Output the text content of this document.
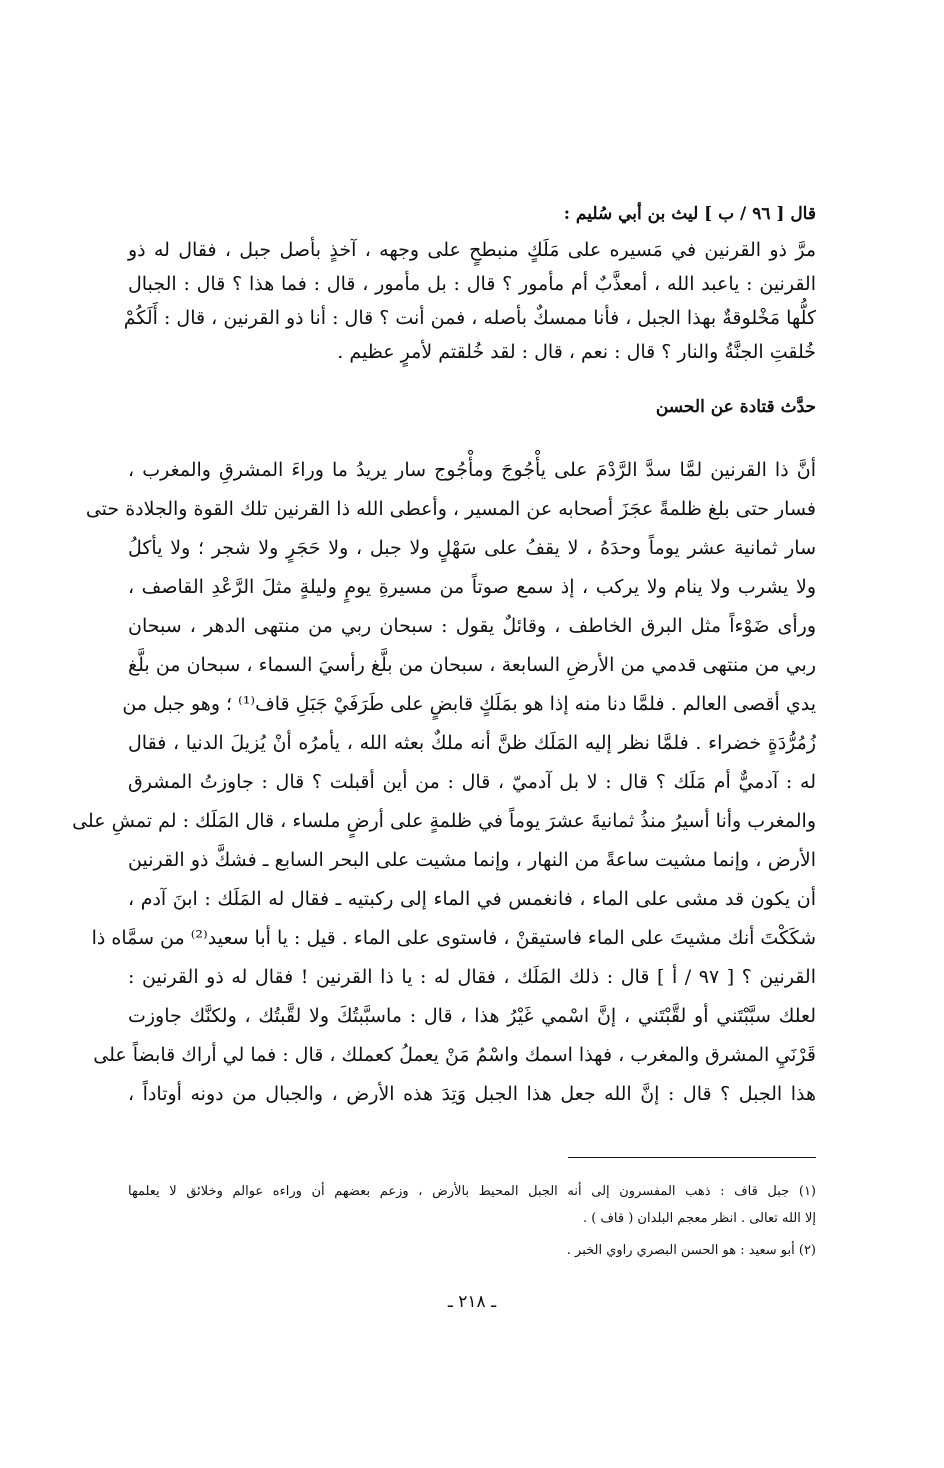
قال [ ٩٦ / ب ] ليث بن أبي سُليم :
مرَّ ذو القرنين في مَسيره على مَلَكٍ منبطحٍ على وجهه ، آخذٍ بأصل جبل ، فقال له ذو
القرنين : ياعبد الله ، أمعذَّبٌ أم مأمور ؟ قال : بل مأمور ، قال : فما هذا ؟ قال : الجبال
كلُّها مَخْلوقةٌ بهذا الجبل ، فأنا ممسكٌ بأصله ، فمن أنت ؟ قال : أنا ذو القرنين ، قال : أَلَكُمْ
خُلقتِ الجنَّةُ والنار ؟ قال : نعم ، قال : لقد خُلقتم لأمرٍ عظيم .
حدَّث قتادة عن الحسن
أنَّ ذا القرنين لمَّا سدَّ الرَّدْمَ على يأْجُوجَ ومأْجُوج سار يريدُ ما وراءَ المشرقِ والمغرب ،
فسار حتى بلغ ظلمةً عجَزَ أصحابه عن المسير ، وأعطى الله ذا القرنين تلك القوة والجلادة حتى
سار ثمانية عشر يوماً وحدَهُ ، لا يقفُ على سَهْلٍ ولا جبل ، ولا حَجَرٍ ولا شجر ؛ ولا يأكلُ
ولا يشرب ولا ينام ولا يركب ، إذ سمع صوتاً من مسيرةِ يومٍ وليلةٍ مثلَ الرَّعْدِ القاصف ،
ورأى ضَوْءاً مثل البرق الخاطف ، وقائلٌ يقول : سبحان ربي من منتهى الدهر ، سبحان
ربي من منتهى قدمي من الأرضِ السابعة ، سبحان من بلَّغ رأسيَ السماء ، سبحان من بلَّغ
يدي أقصى العالم . فلمَّا دنا منه إذا هو بمَلَكٍ قابضٍ على طَرَفَيْ جَبَلِ قاف⁽¹⁾ ؛ وهو جبل من
زُمُرُّدَةٍ خضراء . فلمَّا نظر إليه المَلَك ظنَّ أنه ملكٌ بعثه الله ، يأمرُه أنْ يُزيلَ الدنيا ، فقال
له : آدميٌّ أم مَلَك ؟ قال : لا بل آدميّ ، قال : من أين أقبلت ؟ قال : جاوزتُ المشرق
والمغرب وأنا أسيرُ منذُ ثمانيةَ عشرَ يوماً في ظلمةٍ على أرضٍ ملساء ، قال المَلَك : لم تمشِ على
الأرض ، وإنما مشيت ساعةً من النهار ، وإنما مشيت على البحر السابع ـ فشكَّ ذو القرنين
أن يكون قد مشى على الماء ، فانغمس في الماء إلى ركبتيه ـ فقال له المَلَك : ابنَ آدم ،
شكَكْتَ أنك مشيتَ على الماء فاستيقنْ ، فاستوى على الماء . قيل : يا أبا سعيد⁽²⁾ من سمَّاه ذا
القرنين ؟ [ ٩٧ / أ ] قال : ذلك المَلَك ، فقال له : يا ذا القرنين ! فقال له ذو القرنين :
لعلك سبَّبْتَني أو لقَّبْتَني ، إنَّ اسْمي غَيْرُ هذا ، قال : ماسبَّبتُكَ ولا لقَّبتُك ، ولكنَّك جاوزت
قَرْنَيِ المشرق والمغرب ، فهذا اسمك واسْمُ مَنْ يعملُ كعملك ، قال : فما لي أراك قابضاً على
هذا الجبل ؟ قال : إنَّ الله جعل هذا الجبل وَتِدَ هذه الأرض ، والجبال من دونه أوتاداً ،
(١) جبل قاف : ذهب المفسرون إلى أنه الجبل المحيط بالأرض ، وزعم بعضهم أن وراءه عوالم وخلائق لا يعلمها
إلا الله تعالى . انظر معجم البلدان ( قاف ) .
(٢) أبو سعيد : هو الحسن البصري راوي الخبر .
ـ ٢١٨ ـ
